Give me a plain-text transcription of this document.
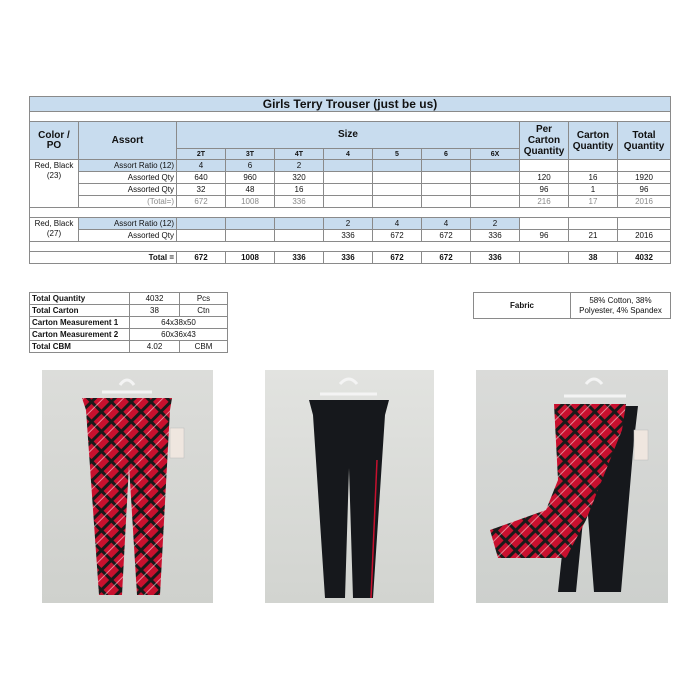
Girls Terry Trouser (just be us)											

Color / PO	Assort	Size							Per Carton Quantity	Carton Quantity	Total Quantity
		2T	3T	4T	4	5	6	6X			
Red, Black (23)	Assort Ratio (12)	4	6	2							
	Assorted Qty	640	960	320					120	16	1920
	Assorted Qty	32	48	16					96	1	96
	(Total=)	672	1008	336					216	17	2016

Red, Black (27)	Assort Ratio (12)				2	4	4	2			
	Assorted Qty				336	672	672	336	96	21	2016

Total =		672	1008	336	336	672	672	336		38	4032
Total Quantity	4032	Pcs
Total Carton	38	Ctn
Carton Measurement 1	64x38x50	
Carton Measurement 2	60x36x43	
Total CBM	4.02	CBM
Fabric	58% Cotton, 38% Polyester, 4% Spandex
